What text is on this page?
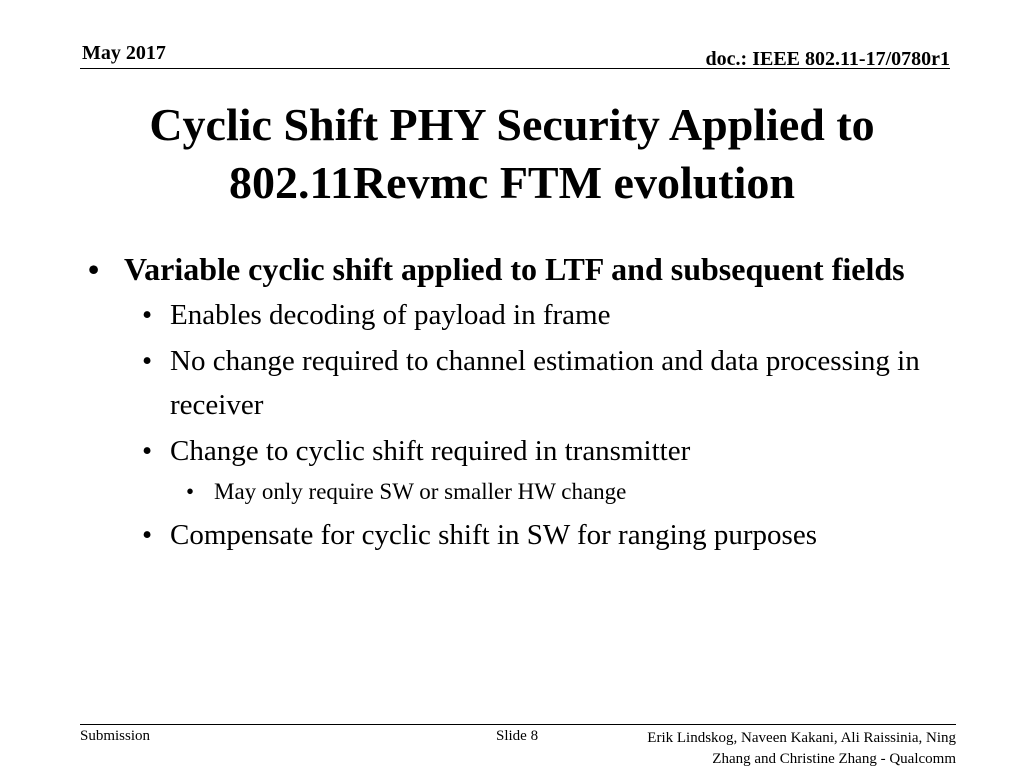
May 2017	doc.: IEEE 802.11-17/0780r1
Cyclic Shift PHY Security Applied to
802.11Revmc FTM evolution
• Variable cyclic shift applied to LTF and subsequent fields
• Enables decoding of payload in frame
• No change required to channel estimation and data processing in receiver
• Change to cyclic shift required in transmitter
• May only require SW or smaller HW change
• Compensate for cyclic shift in SW for ranging purposes
Submission	Slide 8	Erik Lindskog, Naveen Kakani, Ali Raissinia, Ning
Zhang and Christine Zhang - Qualcomm
